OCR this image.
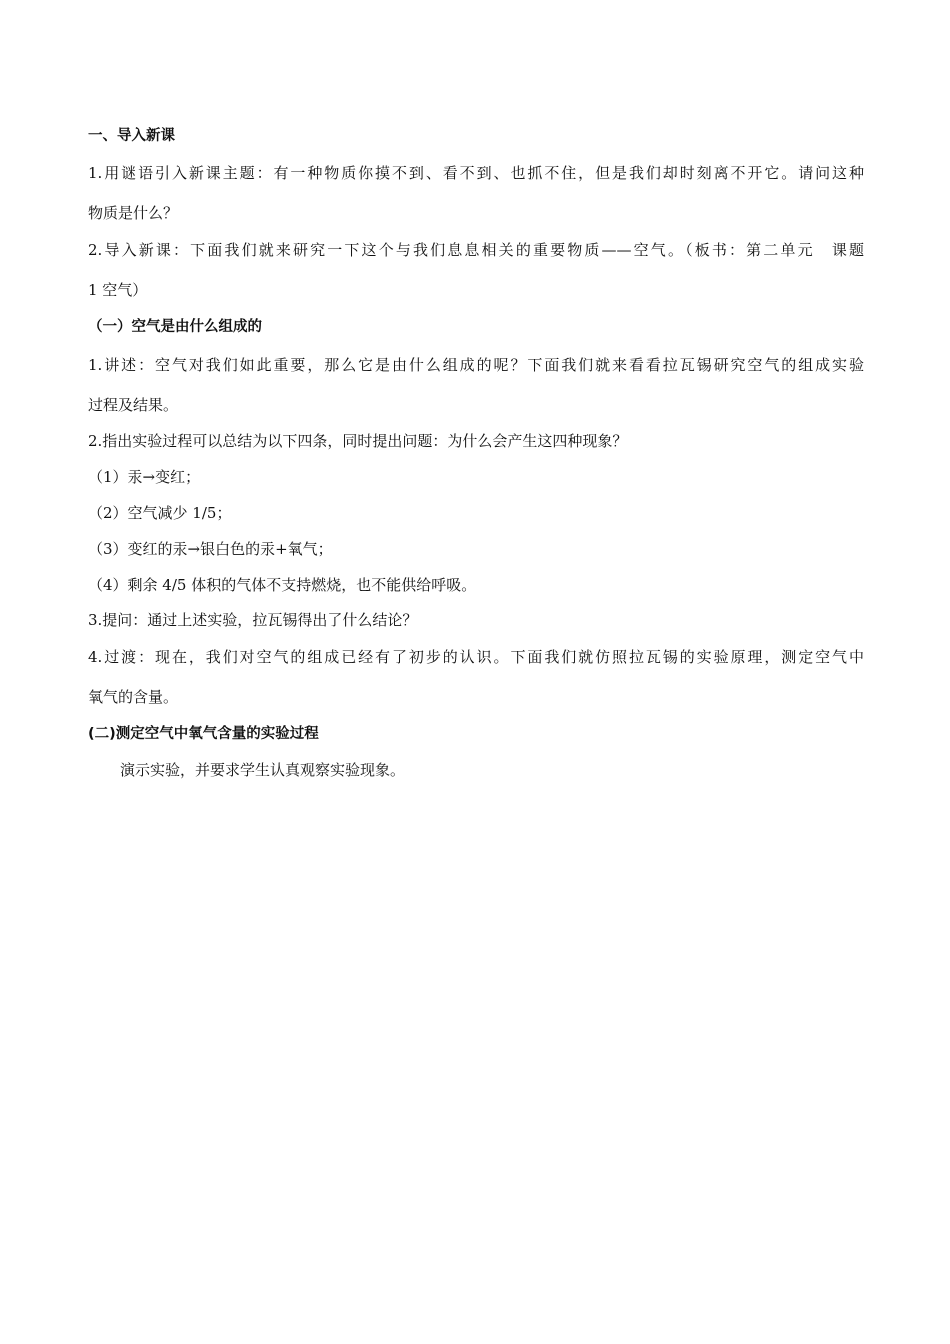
一、导入新课
1.用谜语引入新课主题：有一种物质你摸不到、看不到、也抓不住，但是我们却时刻离不开它。请问这种
物质是什么？
2.导入新课：下面我们就来研究一下这个与我们息息相关的重要物质——空气。（板书：第二单元　课题
1 空气）
（一）空气是由什么组成的
1.讲述：空气对我们如此重要，那么它是由什么组成的呢？下面我们就来看看拉瓦锡研究空气的组成实验
过程及结果。
2.指出实验过程可以总结为以下四条，同时提出问题：为什么会产生这四种现象？
（1）汞→变红；
（2）空气减少 1/5；
（3）变红的汞→银白色的汞+氧气；
（4）剩余 4/5 体积的气体不支持燃烧，也不能供给呼吸。
3.提问：通过上述实验，拉瓦锡得出了什么结论？
4.过渡：现在，我们对空气的组成已经有了初步的认识。下面我们就仿照拉瓦锡的实验原理，测定空气中
氧气的含量。
(二)测定空气中氧气含量的实验过程
演示实验，并要求学生认真观察实验现象。
